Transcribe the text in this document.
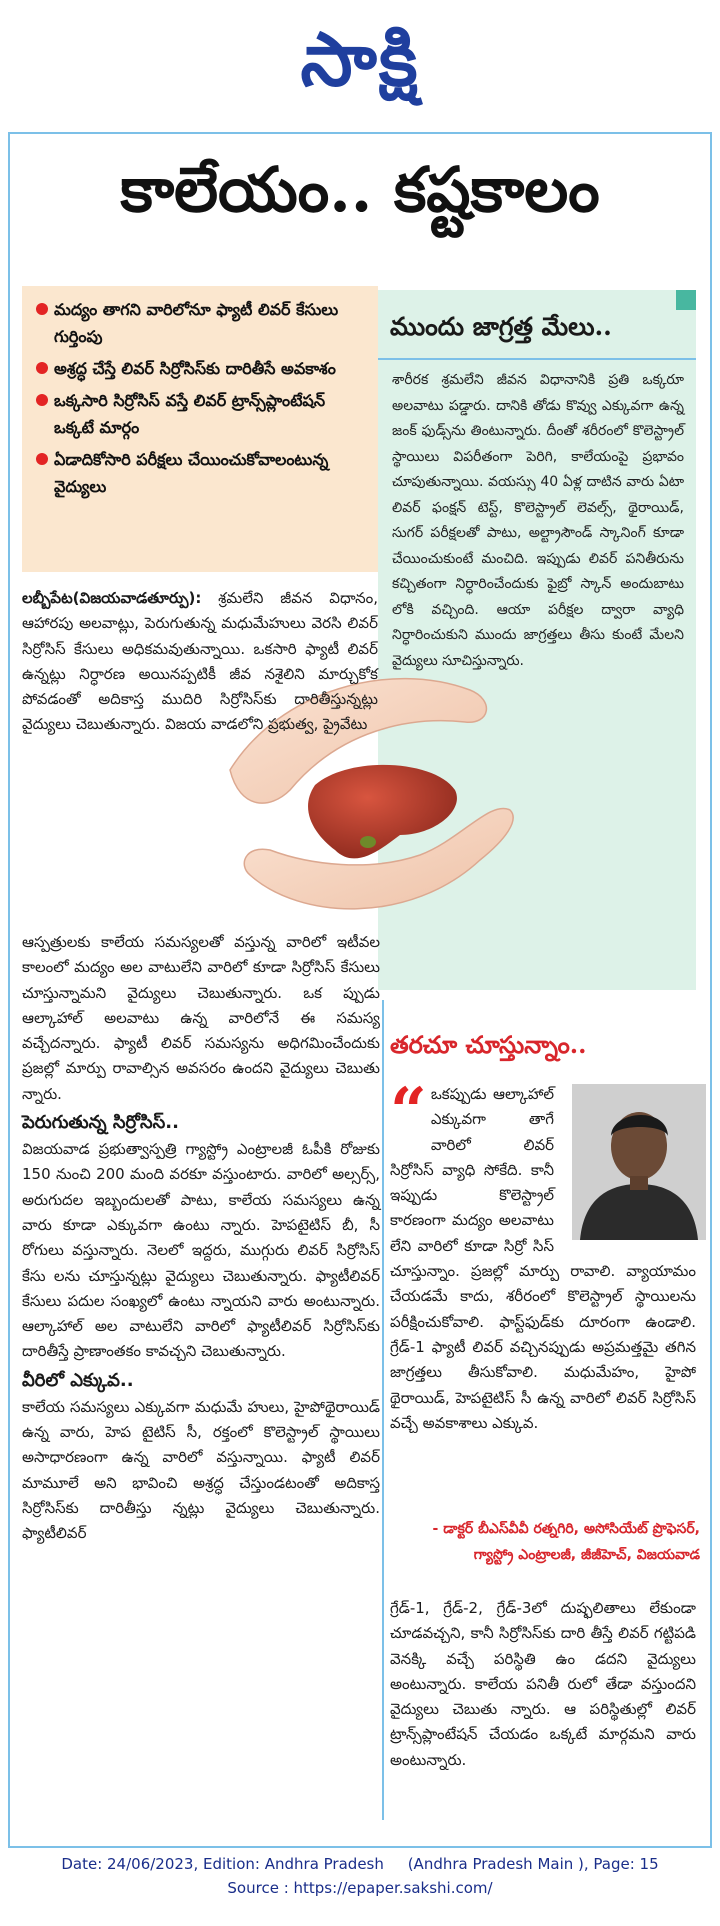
సాక్షి
కాలేయం.. కష్టకాలం
మద్యం తాగని వారిలోనూ ఫ్యాటీ లివర్ కేసులు గుర్తింపు
అశ్రద్ధ చేస్తే లివర్ సిర్రోసిస్‌కు దారితీసే అవకాశం
ఒక్కసారి సిర్రోసిస్ వస్తే లివర్ ట్రాన్స్‌ప్లాంటేషన్ ఒక్కటే మార్గం
ఏడాదికోసారి పరీక్షలు చేయించుకోవాలంటున్న వైద్యులు
ముందు జాగ్రత్త మేలు..

శారీరక శ్రమలేని జీవన విధానానికి ప్రతి ఒక్కరూ అలవాటు పడ్డారు. దానికి తోడు కొవ్వు ఎక్కువగా ఉన్న జంక్ ఫుడ్స్‌ను తింటున్నారు. దీంతో శరీరంలో కొలెస్ట్రాల్ స్థాయిలు విపరీతంగా పెరిగి, కాలేయంపై ప్రభావం చూపుతున్నాయి. వయస్సు 40 ఏళ్ల దాటిన వారు ఏటా లివర్ ఫంక్షన్ టెస్ట్, కొలెస్ట్రాల్ లెవల్స్, థైరాయిడ్, సుగర్ పరీక్షలతో పాటు, అల్ట్రాసౌండ్ స్కానింగ్ కూడా చేయించుకుంటే మంచిది. ఇప్పుడు లివర్ పనితీరును కచ్చితంగా నిర్ధారించేందుకు ఫైబ్రో స్కాన్ అందుబాటు లోకి వచ్చింది. ఆయా పరీక్షల ద్వారా వ్యాధి నిర్ధారించుకుని ముందు జాగ్రత్తలు తీసు కుంటే మేలని వైద్యులు సూచిస్తున్నారు.

లబ్బీపేట(విజయవాడతూర్పు): శ్రమలేని జీవన విధానం, ఆహారపు అలవాట్లు, పెరుగుతున్న మధుమేహులు వెరసి లివర్ సిర్రోసిస్ కేసులు అధికమవుతున్నాయి. ఒకసారి ఫ్యాటీ లివర్ ఉన్నట్లు నిర్ధారణ అయినప్పటికీ జీవ నశైలిని మార్చుకోక పోవడంతో అదికాస్త ముదిరి సిర్రోసిస్‌కు దారితీస్తున్నట్లు వైద్యులు చెబుతున్నారు. విజయ వాడలోని ప్రభుత్వ, ప్రైవేటు

ఆస్పత్రులకు కాలేయ సమస్యలతో వస్తున్న వారిలో ఇటీవల కాలంలో మద్యం అల వాటులేని వారిలో కూడా సిర్రోసిస్ కేసులు చూస్తున్నామని వైద్యులు చెబుతున్నారు. ఒక ప్పుడు ఆల్కాహాల్ అలవాటు ఉన్న వారిలోనే ఈ సమస్య వచ్చేదన్నారు. ఫ్యాటీ లివర్ సమస్యను అధిగమించేందుకు ప్రజల్లో మార్పు రావాల్సిన అవసరం ఉందని వైద్యులు చెబుతు న్నారు.

పెరుగుతున్న సిర్రోసిస్..

విజయవాడ ప్రభుత్వాస్పత్రి గ్యాస్ట్రో ఎంట్రాలజీ ఓపీకి రోజుకు 150 నుంచి 200 మంది వరకూ వస్తుంటారు. వారిలో అల్సర్స్, అరుగుదల ఇబ్బందులతో పాటు, కాలేయ సమస్యలు ఉన్న వారు కూడా ఎక్కువగా ఉంటు న్నారు. హెపటైటిస్ బీ, సీ రోగులు వస్తున్నారు. నెలలో ఇద్దరు, ముగ్గురు లివర్ సిర్రోసిస్ కేసు లను చూస్తున్నట్లు వైద్యులు చెబుతున్నారు. ఫ్యాటీలివర్ కేసులు పదుల సంఖ్యలో ఉంటు న్నాయని వారు అంటున్నారు. ఆల్కాహాల్ అల వాటులేని వారిలో ఫ్యాటీలివర్ సిర్రోసిస్‌కు దారితీస్తే ప్రాణాంతకం కావచ్చని చెబుతున్నారు.

వీరిలో ఎక్కువ..

కాలేయ సమస్యలు ఎక్కువగా మధుమే హులు, హైపోథైరాయిడ్ ఉన్న వారు, హెప టైటిస్ సీ, రక్తంలో కొలెస్ట్రాల్ స్థాయిలు అసాధారణంగా ఉన్న వారిలో వస్తున్నాయి. ఫ్యాటీ లివర్ మామూలే అని భావించి అశ్రద్ధ చేస్తుండటంతో అదికాస్త సిర్రోసిస్‌కు దారితీస్తు న్నట్లు వైద్యులు చెబుతున్నారు. ఫ్యాటీలివర్

తరచూ చూస్తున్నాం..
“ ఒకప్పుడు ఆల్కాహాల్ ఎక్కువగా తాగే వారిలో లివర్ సిర్రోసిస్ వ్యాధి సోకేది. కానీ ఇప్పుడు కొలెస్ట్రాల్ కారణంగా మద్యం అలవాటు లేని వారిలో కూడా సిర్రో సిస్ చూస్తున్నాం. ప్రజల్లో మార్పు రావాలి. వ్యాయామం చేయడమే కాదు, శరీరంలో కొలెస్ట్రాల్ స్థాయిలను పరీక్షించుకోవాలి. ఫాస్ట్‌ఫుడ్‌కు దూరంగా ఉండాలి. గ్రేడ్-1 ఫ్యాటీ లివర్ వచ్చినప్పుడు అప్రమత్తమై తగిన జాగ్రత్తలు తీసుకోవాలి. మధుమేహం, హైపో థైరాయిడ్, హెపటైటిస్ సీ ఉన్న వారిలో లివర్ సిర్రోసిస్ వచ్చే అవకాశాలు ఎక్కువ.
- డాక్టర్ బీఎస్‌వీవీ రత్నగిరి, అసోసియేట్ ప్రొఫెసర్, గ్యాస్ట్రో ఎంట్రాలజీ, జీజీహెచ్, విజయవాడ
గ్రేడ్-1, గ్రేడ్-2, గ్రేడ్-3లో దుష్ఫలితాలు లేకుండా చూడవచ్చని, కానీ సిర్రోసిస్‌కు దారి తీస్తే లివర్ గట్టిపడి వెనక్కి వచ్చే పరిస్థితి ఉం డదని వైద్యులు అంటున్నారు. కాలేయ పనితీ రులో తేడా వస్తుందని వైద్యులు చెబుతు న్నారు. ఆ పరిస్థితుల్లో లివర్ ట్రాన్స్‌ప్లాంటేషన్ చేయడం ఒక్కటే మార్గమని వారు అంటున్నారు.
Date: 24/06/2023, Edition: Andhra Pradesh     (Andhra Pradesh Main ), Page: 15
Source : https://epaper.sakshi.com/
